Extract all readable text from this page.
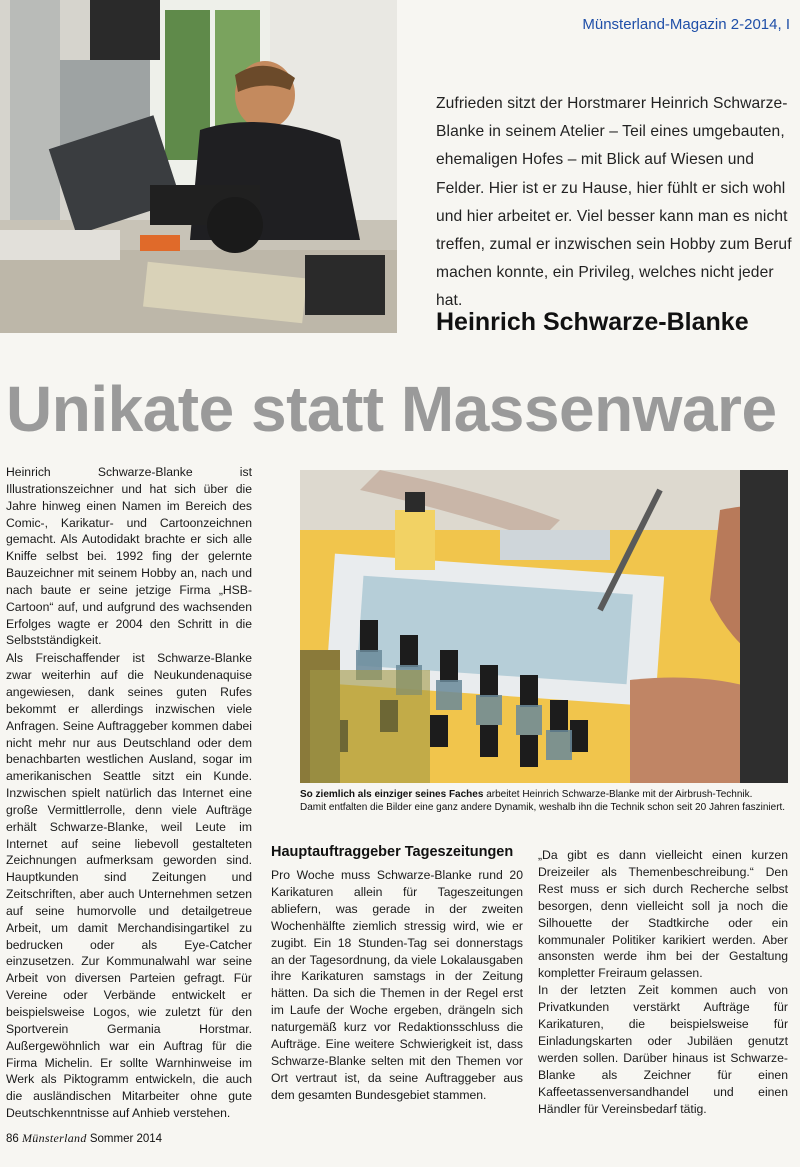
Münsterland-Magazin 2-2014, I
Zufrieden sitzt der Horstmarer Heinrich Schwarze-Blanke in seinem Atelier – Teil eines umgebauten, ehemaligen Hofes – mit Blick auf Wiesen und Felder. Hier ist er zu Hause, hier fühlt er sich wohl und hier arbeitet er. Viel besser kann man es nicht treffen, zumal er inzwischen sein Hobby zum Beruf machen konnte, ein Privileg, welches nicht jeder hat.
Heinrich Schwarze-Blanke
Unikate statt Massenware

Heinrich Schwarze-Blanke ist Illustrationszeichner und hat sich über die Jahre hinweg einen Namen im Bereich des Comic-, Karikatur- und Cartoonzeichnen gemacht. Als Autodidakt brachte er sich alle Kniffe selbst bei. 1992 fing der gelernte Bauzeichner mit seinem Hobby an, nach und nach baute er seine jetzige Firma „HSB-Cartoon“ auf, und aufgrund des wachsenden Erfolges wagte er 2004 den Schritt in die Selbstständigkeit.

Als Freischaffender ist Schwarze-Blanke zwar weiterhin auf die Neukundenaquise angewiesen, dank seines guten Rufes bekommt er allerdings inzwischen viele Anfragen. Seine Auftraggeber kommen dabei nicht mehr nur aus Deutschland oder dem benachbarten westlichen Ausland, sogar im amerikanischen Seattle sitzt ein Kunde. Inzwischen spielt natürlich das Internet eine große Vermittlerrolle, denn viele Aufträge erhält Schwarze-Blanke, weil Leute im Internet auf seine liebevoll gestalteten Zeichnungen aufmerksam geworden sind. Hauptkunden sind Zeitungen und Zeitschriften, aber auch Unternehmen setzen auf seine humorvolle und detailgetreue Arbeit, um damit Merchandisingartikel zu bedrucken oder als Eye-Catcher einzusetzen. Zur Kommunalwahl war seine Arbeit von diversen Parteien gefragt. Für Vereine oder Verbände entwickelt er beispielsweise Logos, wie zuletzt für den Sportverein Germania Horstmar. Außergewöhnlich war ein Auftrag für die Firma Michelin. Er sollte Warnhinweise im Werk als Piktogramm entwickeln, die auch die ausländischen Mitarbeiter ohne gute Deutschkenntnisse auf Anhieb verstehen.

So ziemlich als einziger seines Faches arbeitet Heinrich Schwarze-Blanke mit der Airbrush-Technik.
Damit entfalten die Bilder eine ganz andere Dynamik, weshalb ihn die Technik schon seit 20 Jahren fasziniert.
Hauptauftraggeber Tageszeitungen

Pro Woche muss Schwarze-Blanke rund 20 Karikaturen allein für Tageszeitungen abliefern, was gerade in der zweiten Wochenhälfte ziemlich stressig wird, wie er zugibt. Ein 18 Stunden-Tag sei donnerstags an der Tagesordnung, da viele Lokalausgaben ihre Karikaturen samstags in der Zeitung hätten. Da sich die Themen in der Regel erst im Laufe der Woche ergeben, drängeln sich naturgemäß kurz vor Redaktionsschluss die Aufträge. Eine weitere Schwierigkeit ist, dass Schwarze-Blanke selten mit den Themen vor Ort vertraut ist, da seine Auftraggeber aus dem gesamten Bundesgebiet stammen.

„Da gibt es dann vielleicht einen kurzen Dreizeiler als Themenbeschreibung.“ Den Rest muss er sich durch Recherche selbst besorgen, denn vielleicht soll ja noch die Silhouette der Stadtkirche oder ein kommunaler Politiker karikiert werden. Aber ansonsten werde ihm bei der Gestaltung kompletter Freiraum gelassen.

In der letzten Zeit kommen auch von Privatkunden verstärkt Aufträge für Karikaturen, die beispielsweise für Einladungskarten oder Jubiläen genutzt werden sollen. Darüber hinaus ist Schwarze-Blanke als Zeichner für einen Kaffeetassenversandhandel und einen Händler für Vereinsbedarf tätig.

86 Münsterland Sommer 2014
